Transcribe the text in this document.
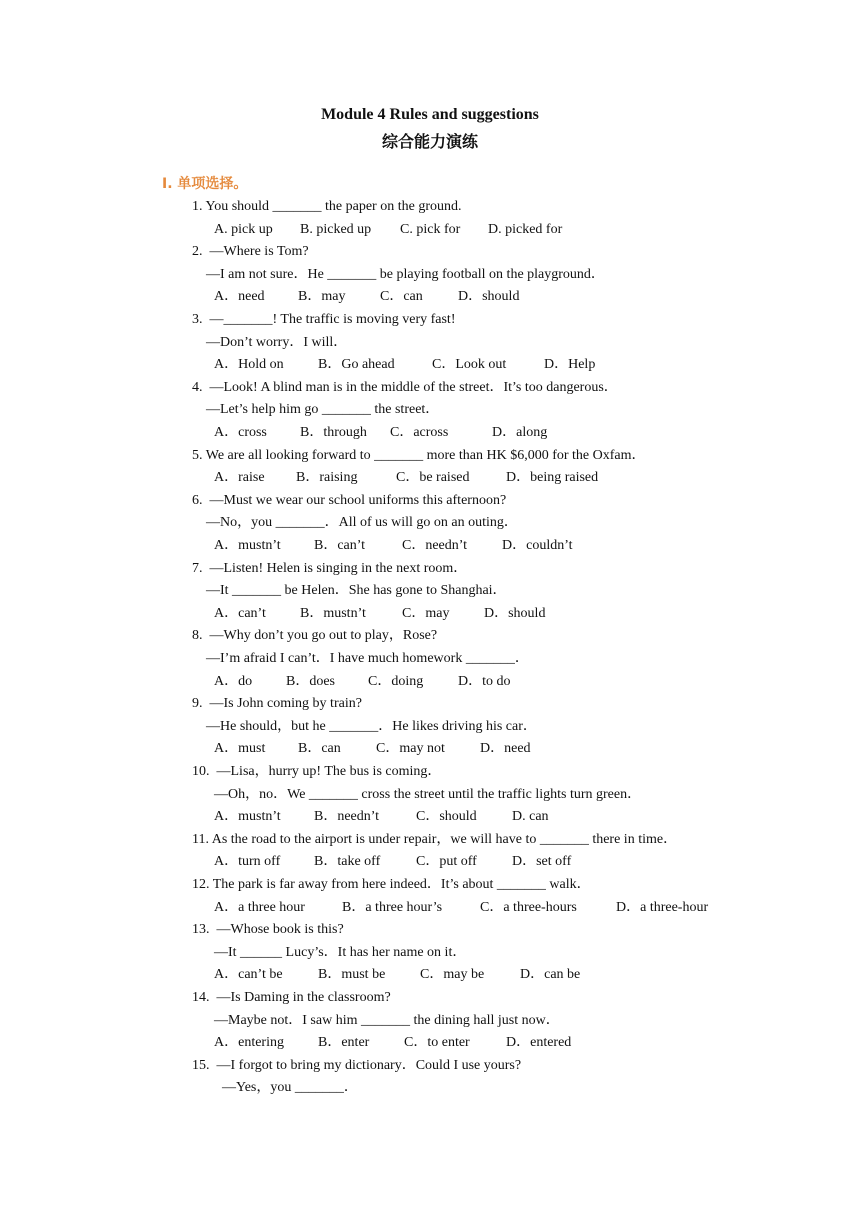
Module 4 Rules and suggestions
综合能力演练
I. 单项选择。
1. You should _______ the paper on the ground.
A. pick up B. picked up C. pick for D. picked for
2.  —Where is Tom?
—I am not sure．He _______ be playing football on the playground．
A．need B．may C．can	D．should
3.  —_______! The traffic is moving very fast!
—Don’t worry．I will．
A．Hold on B．Go ahead	C．Look out	D．Help
4.  —Look! A blind man is in the middle of the street．It’s too dangerous．
—Let’s help him go _______ the street．
A．cross B．through C．across	D．along
5. We are all looking forward to _______ more than HK $6,000 for the Oxfam．
A．raise B．raising	C．be raised	D．being raised
6.  —Must we wear our school uniforms this afternoon?
—No，you _______．All of us will go on an outing．
A．mustn’t B．can’t	C．needn’t D．couldn’t
7.  —Listen! Helen is singing in the next room．
—It _______ be Helen．She has gone to Shanghai．
A．can’t B．mustn’t	C．may D．should
8.  —Why don’t you go out to play，Rose?
—I’m afraid I can’t．I have much homework _______．
A．do B．does C．doing D．to do
9.  —Is John coming by train?
—He should，but he _______．He likes driving his car．
A．must B．can	C．may not	D．need
10.  —Lisa，hurry up! The bus is coming．
—Oh，no．We _______ cross the street until the traffic lights turn green．
A．mustn’t B．needn’t	C．should	D. can
11. As the road to the airport is under repair，we will have to _______ there in time．
A．turn off B．take off	C．put off	D．set off
12. The park is far away from here indeed．It’s about _______ walk．
A．a three hour	B．a three hour’s	C．a three-hours	D．a three-hour
13.  —Whose book is this?
—It ______ Lucy’s．It has her name on it．
A．can’t be	B．must be C．may be	D．can be
14.  —Is Daming in the classroom?
—Maybe not．I saw him _______ the dining hall just now．
A．entering B．enter C．to enter	D．entered
15.  —I forgot to bring my dictionary．Could I use yours?
—Yes，you _______．
